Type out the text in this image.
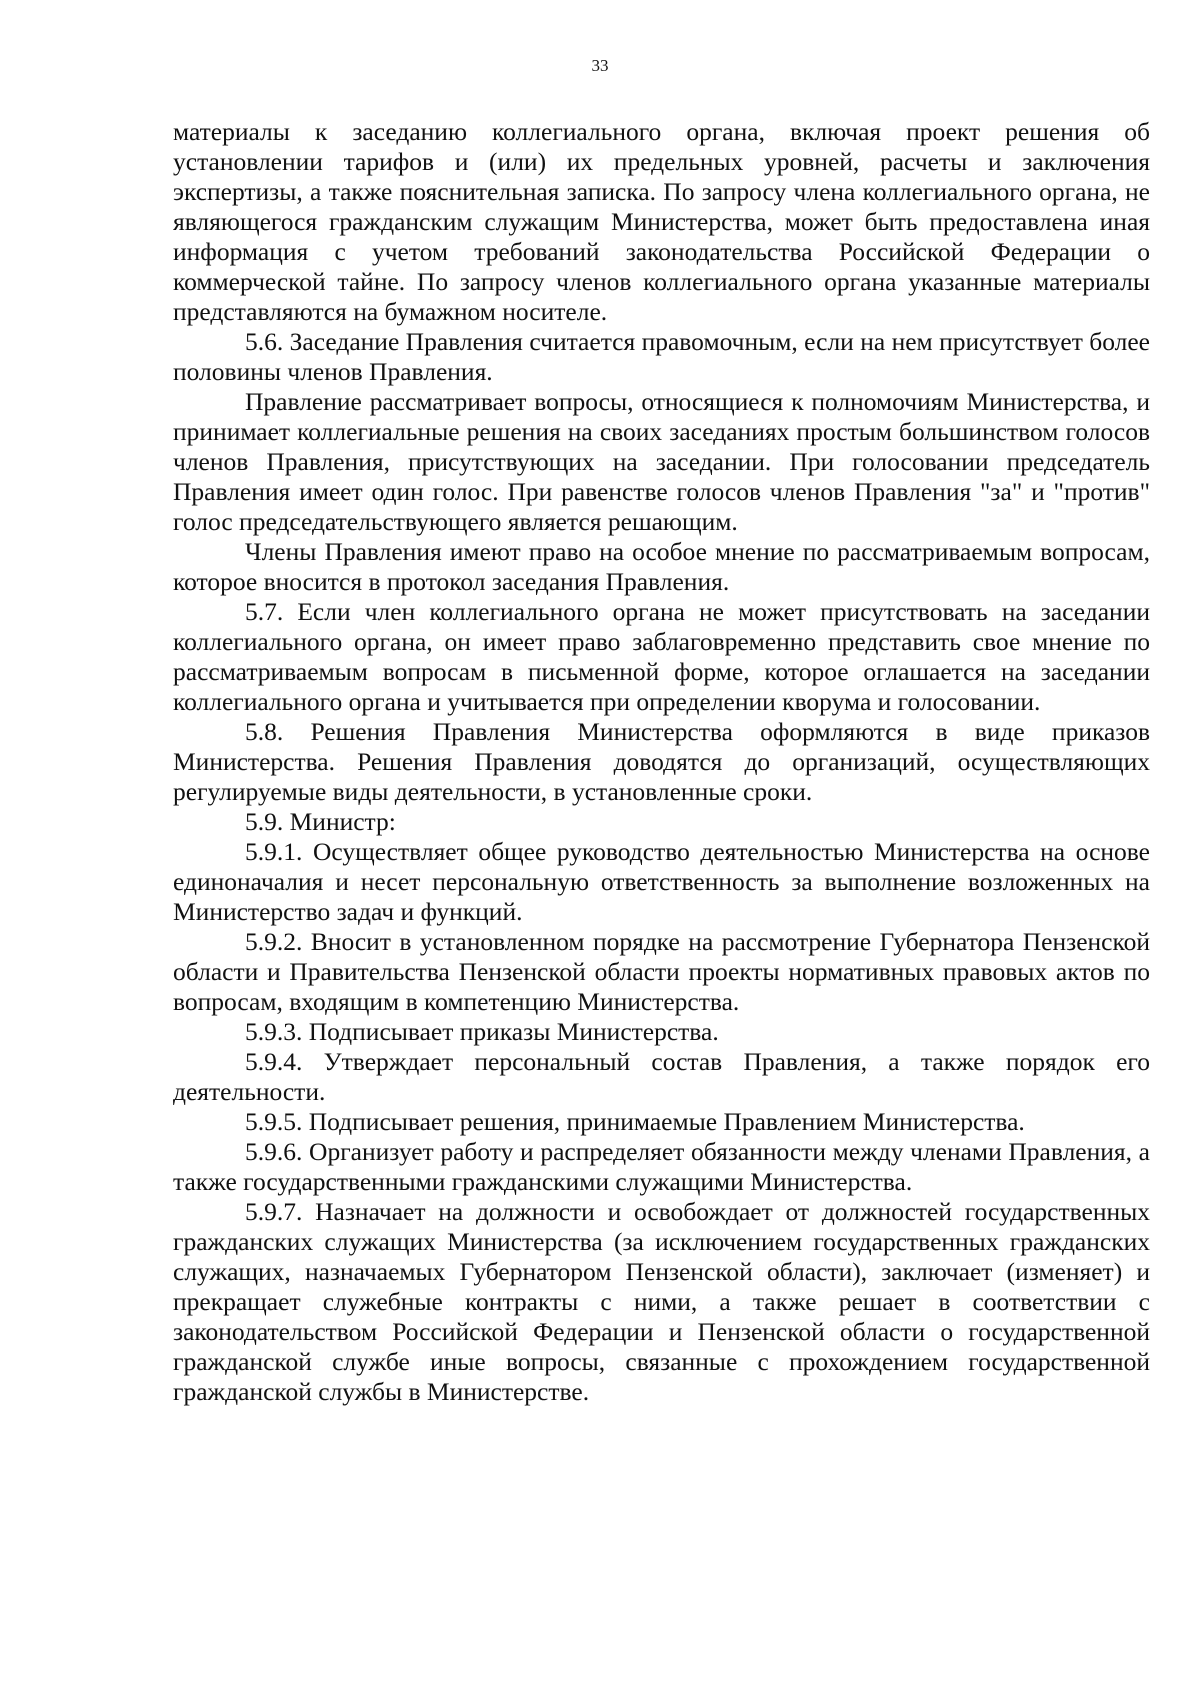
33

материалы к заседанию коллегиального органа, включая проект решения об установлении тарифов и (или) их предельных уровней, расчеты и заключения экспертизы, а также пояснительная записка. По запросу члена коллегиального органа, не являющегося гражданским служащим Министерства, может быть предоставлена иная информация с учетом требований законодательства Российской Федерации о коммерческой тайне. По запросу членов коллегиального органа указанные материалы представляются на бумажном носителе.

5.6. Заседание Правления считается правомочным, если на нем присутствует более половины членов Правления.

Правление рассматривает вопросы, относящиеся к полномочиям Министерства, и принимает коллегиальные решения на своих заседаниях простым большинством голосов членов Правления, присутствующих на заседании. При голосовании председатель Правления имеет один голос. При равенстве голосов членов Правления "за" и "против" голос председательствующего является решающим.

Члены Правления имеют право на особое мнение по рассматриваемым вопросам, которое вносится в протокол заседания Правления.

5.7. Если член коллегиального органа не может присутствовать на заседании коллегиального органа, он имеет право заблаговременно представить свое мнение по рассматриваемым вопросам в письменной форме, которое оглашается на заседании коллегиального органа и учитывается при определении кворума и голосовании.

5.8. Решения Правления Министерства оформляются в виде приказов Министерства. Решения Правления доводятся до организаций, осуществляющих регулируемые виды деятельности, в установленные сроки.

5.9. Министр:

5.9.1. Осуществляет общее руководство деятельностью Министерства на основе единоначалия и несет персональную ответственность за выполнение возложенных на Министерство задач и функций.

5.9.2. Вносит в установленном порядке на рассмотрение Губернатора Пензенской области и Правительства Пензенской области проекты нормативных правовых актов по вопросам, входящим в компетенцию Министерства.

5.9.3. Подписывает приказы Министерства.

5.9.4. Утверждает персональный состав Правления, а также порядок его деятельности.

5.9.5. Подписывает решения, принимаемые Правлением Министерства.

5.9.6. Организует работу и распределяет обязанности между членами Правления, а также государственными гражданскими служащими Министерства.

5.9.7. Назначает на должности и освобождает от должностей государственных гражданских служащих Министерства (за исключением государственных гражданских служащих, назначаемых Губернатором Пензенской области), заключает (изменяет) и прекращает служебные контракты с ними, а также решает в соответствии с законодательством Российской Федерации и Пензенской области о государственной гражданской службе иные вопросы, связанные с прохождением государственной гражданской службы в Министерстве.
